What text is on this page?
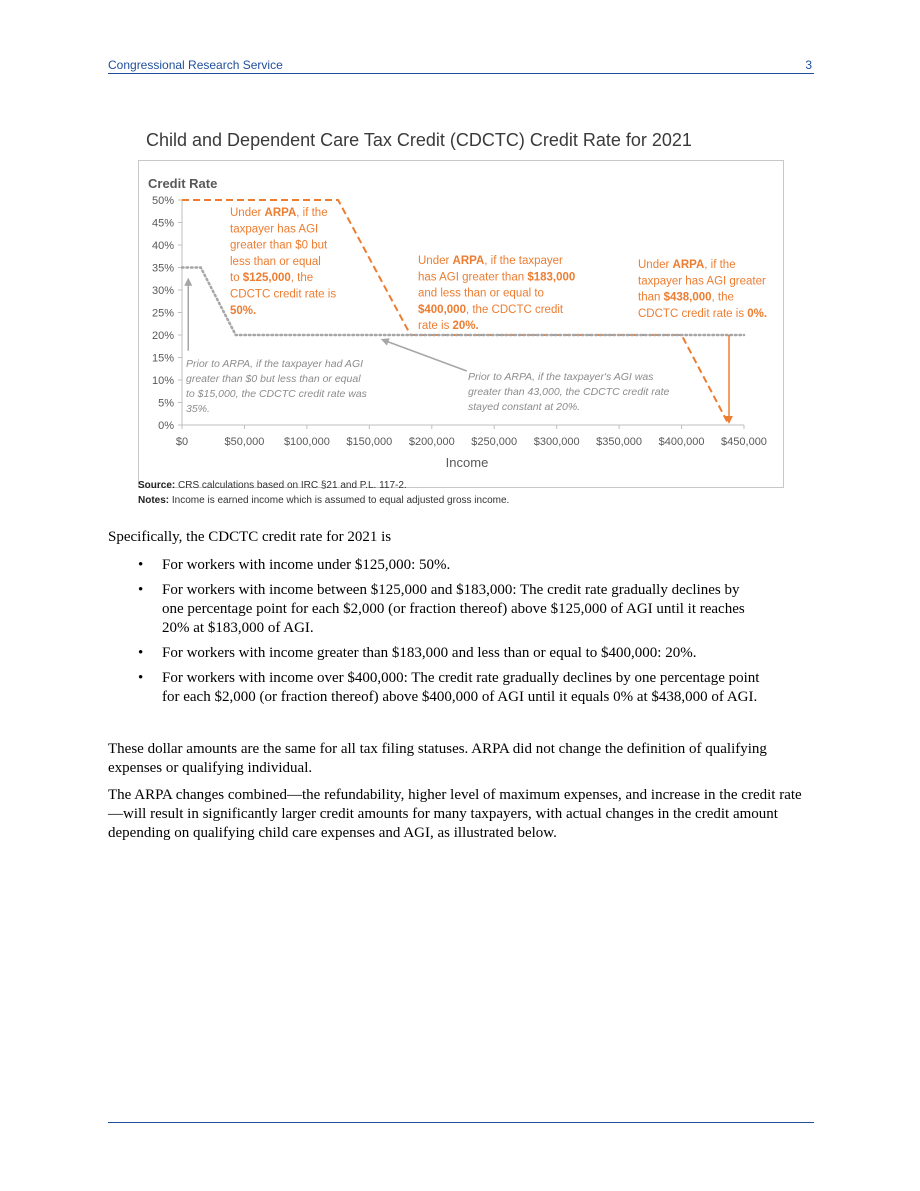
Congressional Research Service	3
Child and Dependent Care Tax Credit (CDCTC) Credit Rate for 2021
Credit Rate
Income
0%
5%
10%
15%
20%
25%
30%
35%
40%
45%
50%
$0	$50,000 $100,000 $150,000 $200,000 $250,000 $300,000 $350,000 $400,000 $450,000
Under ARPA, if the taxpayer has AGI greater than $0 but less than or equal to $125,000, the CDCTC credit rate is 50%.
Under ARPA, if the taxpayer has AGI greater than $183,000 and less than or equal to $400,000, the CDCTC credit rate is 20%.
Under ARPA, if the taxpayer has AGI greater than $438,000, the CDCTC credit rate is 0%.
Prior to ARPA, if the taxpayer had AGI greater than $0 but less than or equal to $15,000, the CDCTC credit rate was 35%.
Prior to ARPA, if the taxpayer's AGI was greater than 43,000, the CDCTC credit rate stayed constant at 20%.
Source: CRS calculations based on IRC §21 and P.L. 117-2.
Notes: Income is earned income which is assumed to equal adjusted gross income.
Specifically, the CDCTC credit rate for 2021 is
• For workers with income under $125,000: 50%.
• For workers with income between $125,000 and $183,000: The credit rate gradually declines by one percentage point for each $2,000 (or fraction thereof) above $125,000 of AGI until it reaches 20% at $183,000 of AGI.
• For workers with income greater than $183,000 and less than or equal to $400,000: 20%.
• For workers with income over $400,000: The credit rate gradually declines by one percentage point for each $2,000 (or fraction thereof) above $400,000 of AGI until it equals 0% at $438,000 of AGI.
These dollar amounts are the same for all tax filing statuses. ARPA did not change the definition of qualifying expenses or qualifying individual.
The ARPA changes combined—the refundability, higher level of maximum expenses, and increase in the credit rate—will result in significantly larger credit amounts for many taxpayers, with actual changes in the credit amount depending on qualifying child care expenses and AGI, as illustrated below.
